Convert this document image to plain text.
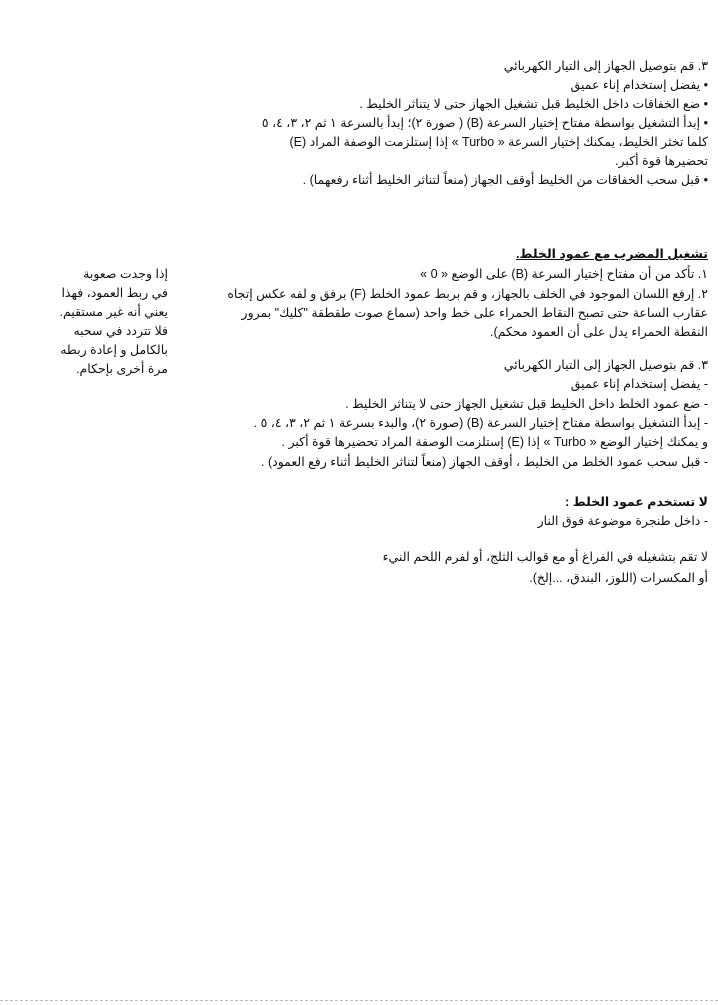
٣. قم بتوصيل الجهاز إلى التيار الكهربائي
• يفضل إستخدام إناء عميق
• ضع الخفاقات داخل الخليط قبل تشغيل الجهاز حتى لا يتناثر الخليط .
• إبدأ التشغيل بواسطة مفتاح إختيار السرعة (B) ( صورة ٢)؛ إبدأ بالسرعة ١ ثم ٢، ٣، ٤، ٥
كلما تخثر الخليط، يمكنك إختيار السرعة « Turbo » إذا إستلزمت الوصفة المراد (E)
تحضيرها قوة أكبر.
• قبل سحب الخفاقات من الخليط أوقف الجهاز (منعاً لتناثر الخليط أثناء رفعهما) .
تشغيل المضرب مع عمود الخلط.
١. تأكد من أن مفتاح إختيار السرعة (B) على الوضع « 0 »
٢. إرفع اللسان الموجود في الخلف بالجهاز، و قم بربط عمود الخلط (F) برفق و لفه عكس إتجاه
عقارب الساعة حتى تصبح النقاط الحمراء على خط واحد (سماع صوت طقطقة "كليك" بمرور
النقطة الحمراء يدل على أن العمود محكم).
٣. قم بتوصيل الجهاز إلى التيار الكهربائي
- يفضل إستخدام إناء عميق
- ضع عمود الخلط داخل الخليط قبل تشغيل الجهاز حتى لا يتناثر الخليط .
- إبدأ التشغيل بواسطة مفتاح إختيار السرعة (B) (صورة ٢)، والبدء بسرعة ١ ثم ٢، ٣، ٤، ٥ .
و يمكنك إختيار الوضع « Turbo » إذا (E) إستلزمت الوصفة المراد تحضيرها قوة أكبر .
- قبل سحب عمود الخلط من الخليط ، أوقف الجهاز (منعاً لتناثر الخليط أثناء رفع العمود) .
لا تستخدم عمود الخلط :
- داخل طنجرة موضوعة فوق النار
لا تقم بتشغيله في الفراغ أو مع قوالب الثلج، أو لفرم اللحم النيء
أو المكسرات (اللوز، البندق، ...إلخ).
إذا وجدت صعوبة
في ربط العمود، فهذا
يعني أنه غير مستقيم.
فلا تتردد في سحبه
بالكامل و إعادة ربطه
مرة أخرى بإحكام.
